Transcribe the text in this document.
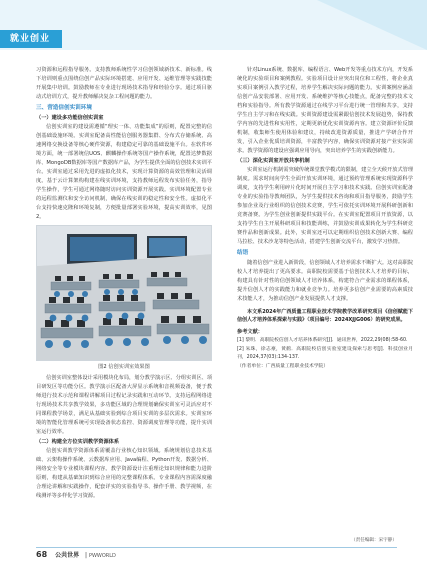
就业创业

习资源和远程指导服务。支持教师系统性学习信创领域新技术、新标准。线下培训则重点围绕信创产品实际环境搭建、应用开发、运维管理等实践技能开展集中培训。鼓励教师在专业进行现场技术指导和经验分享。通过项目驱动式培训方式，提升教师解决复杂工程问题的能力。

三、营造信创实训环境
（一）建设多功能信创实训室

信创实训室的建设需遵循“理实一体、功能集成”的原则，配置完整的信创基础设施环境。实训室配备高性能信创服务器集群、分布式存储系统、高速网络交换设备等核心硬件资源，构建稳定可靠的基础设施平台。在软件环境方面，统一部署统信UOS、麒麟操作系统等国产操作系统，配置达梦数据库、MongoDB数据库等国产数据库产品，为学生提供全面的信创技术实训平台。实训室通过采用先进的虚拟化技术，实现计算资源的高效管理和灵活调度。基于云计算架构构建在线实训环境，支持教师远程发布实验任务，指导学生操作，学生可通过网络随时访问实训资源开展实践。实训环境配置专业的远程监测仪和安全访问机制，确保在线实训的稳定性和安全性。虚拟化平台支持快速克隆和环境复制，方便批量部署实验环境，提高实训效率，见图2。

图2 信创实训室效果图

信创实训室整体设计采用模块化布局，划分教学演示区、分组实训区、项目研发区等功能分区。教学演示区配备大屏显示系统和音视频设备，便于教师进行技术示范和课程讲解项目过程记录实践和互动环节。支持远程网络进行现场技术共享教学效果，多功能区域的合理规划确保实训室可灵活应对不同课程教学场景，满足从基础实验到综合项目实训的多层次需求。实训室环境的智能化管理系统可实现设备状态监控、资源调度管理等功能，提升实训室运行效率。

（二）构建全方位实训教学资源体系

信创实训教学资源体系需覆盖行业核心知识领域。系统规划信息技术基础、云架构操作系统、云数据库应用、Java编程、Python开发、数据分析、网络安全等专业模块课程内容。教学资源设计注重理论知识规律和能力进阶原则，构建从基础知识到综合应用的完整课程体系。专业课程内容需深度融合理论讲解和实践操作，配套详实的实验指导书、操作手册、教学视频，在线测评等多样化学习资源。

针对Linux系统、数据库、编程语言、Web开发等重点技术方向，开发系统化的实验项目和案例教程。实验项目设计应突出岗位和工程性，将企业真实项目案例引入教学过程，培养学生解决实际问题的能力。实训案例应涵盖信创产品安装部署、应用开发、系统维护等核心技能点，配备完整的技术文档和实验指导。所有教学资源通过在线学习平台进行统一管理和共享，支持学生自主学习和在线实践。实训资源建设需紧跟信创技术发展趋势，保持教学内容的先进性和实用性，定期更新优化实训资源内容。建立资源评价反馈机制，收集师生使用体验和建议，持续改进资源质量，推进产学研合作开发，引入企业优质培训资源，丰富教学内容，确保实训资源对接产业实际需求。教学资源的建设应强调应用导向，突出培养学生的实践创新能力。

（三）深化实训室开放共享机制

实训室运行机制需突破传统课堂教学模式的限制，建立全天候开放式管理制度。需求时间向学生全面开放实训环境，通过预约管理系统实现资源科学调度，支持学生利用碎片化时间开展自主学习和技术实践。信创实训室配备专业的实验指导教师团队，为学生提供技术咨询和项目指导服务，鼓励学生参加企业及行业组织的信创技术竞赛，学生可依托实训环境开展科研创新和竞赛备赛。为学生创业创新提供实践平台。在实训室配置项目开放资源，以支持学生自主开展科研项目和技能训练，并鼓励实训成果转化为学生科研竞赛作品和创新成果。此外，实训室还可以定期组织信创技术创新大赛、编程马拉松、技术沙龙等特色活动，搭建学生创新交流平台，激发学习热情。

结语

随着信创产业进入新阶段，信创领域人才培养需求不断扩大。这对高职院校人才培养提出了更高要求。高职院校需要基于信创技术人才培养的目标，构建具有针对性的信创领域人才培养体系，构建符合产业需求的课程体系，提升信创人才的实践能力和就业竞争力。培养更多信创产业需要的高素质技术技能人才，为推动信创产业发展提供人才支撑。

本文系2024年广西质量工程职业技术学院教学改革研究项目《信创赋能下信创人才培养体系探索与实践》（项目编号：2024XJJG006）的研究成果。

参考文献：

[1] 黎明．高职院校信创人才培养体系研究[J]．通讯世界，2022,29(08):58-60.

[2] 朱珠，徐志豪，黄鹤．高职院校信创实验室建设探索与思考[J]．科技创业月刊，2024,37(03):134-137.

（作者单位：广西质量工程职业技术学院）
（责任编辑：宋宇静）
68 公共世界 | PWWORLD
